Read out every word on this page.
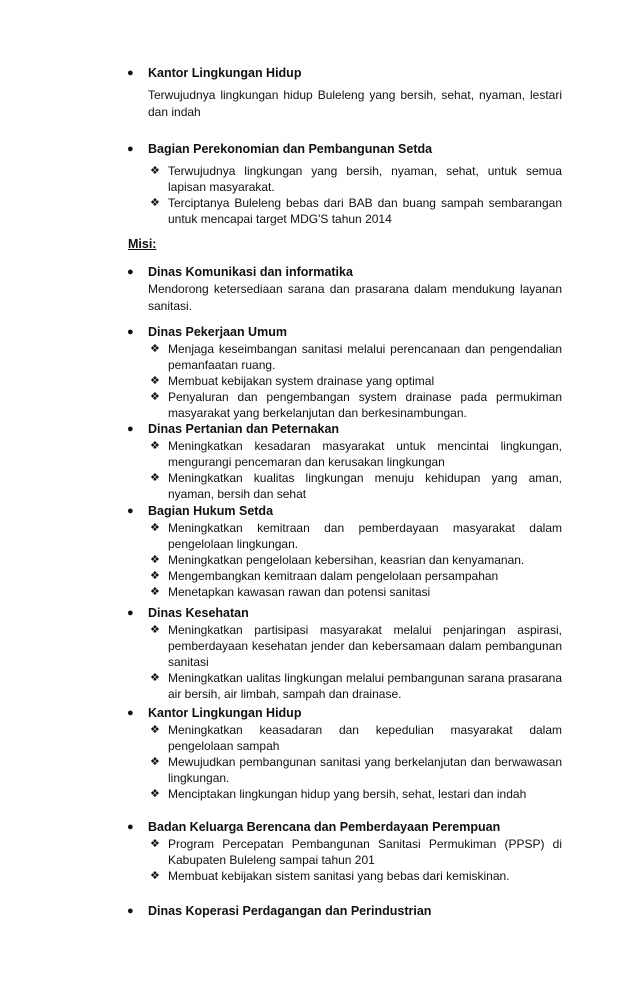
● Kantor Lingkungan Hidup
Terwujudnya lingkungan hidup Buleleng yang bersih, sehat, nyaman, lestari dan indah
● Bagian Perekonomian dan Pembangunan Setda

❖ Terwujudnya lingkungan yang bersih, nyaman, sehat, untuk semua lapisan masyarakat.

❖ Terciptanya Buleleng bebas dari BAB dan buang sampah sembarangan untuk mencapai target MDG'S tahun 2014

Misi:
● Dinas Komunikasi dan informatika
Mendorong ketersediaan sarana dan prasarana dalam mendukung layanan sanitasi.
● Dinas Pekerjaan Umum

❖ Menjaga keseimbangan sanitasi melalui perencanaan dan pengendalian pemanfaatan ruang.

❖ Membuat kebijakan system drainase yang optimal

❖ Penyaluran dan pengembangan system drainase pada permukiman masyarakat yang berkelanjutan dan berkesinambungan.

● Dinas Pertanian dan Peternakan

❖ Meningkatkan kesadaran masyarakat untuk mencintai lingkungan, mengurangi pencemaran dan kerusakan lingkungan

❖ Meningkatkan kualitas lingkungan menuju kehidupan yang aman, nyaman, bersih dan sehat

● Bagian Hukum Setda

❖ Meningkatkan kemitraan dan pemberdayaan masyarakat dalam pengelolaan lingkungan.

❖ Meningkatkan pengelolaan kebersihan, keasrian dan kenyamanan.

❖ Mengembangkan kemitraan dalam pengelolaan persampahan

❖ Menetapkan kawasan rawan dan potensi sanitasi

● Dinas Kesehatan

❖ Meningkatkan partisipasi masyarakat melalui penjaringan aspirasi, pemberdayaan kesehatan jender dan kebersamaan dalam pembangunan sanitasi

❖ Meningkatkan ualitas lingkungan melalui pembangunan sarana prasarana air bersih, air limbah, sampah dan drainase.

● Kantor Lingkungan Hidup

❖ Meningkatkan keasadaran dan kepedulian masyarakat dalam pengelolaan sampah

❖ Mewujudkan pembangunan sanitasi yang berkelanjutan dan berwawasan lingkungan.

❖ Menciptakan lingkungan hidup yang bersih, sehat, lestari dan indah

● Badan Keluarga Berencana dan Pemberdayaan Perempuan

❖ Program Percepatan Pembangunan Sanitasi Permukiman (PPSP) di Kabupaten Buleleng sampai tahun 201

❖ Membuat kebijakan sistem sanitasi yang bebas dari kemiskinan.

● Dinas Koperasi Perdagangan dan Perindustrian
